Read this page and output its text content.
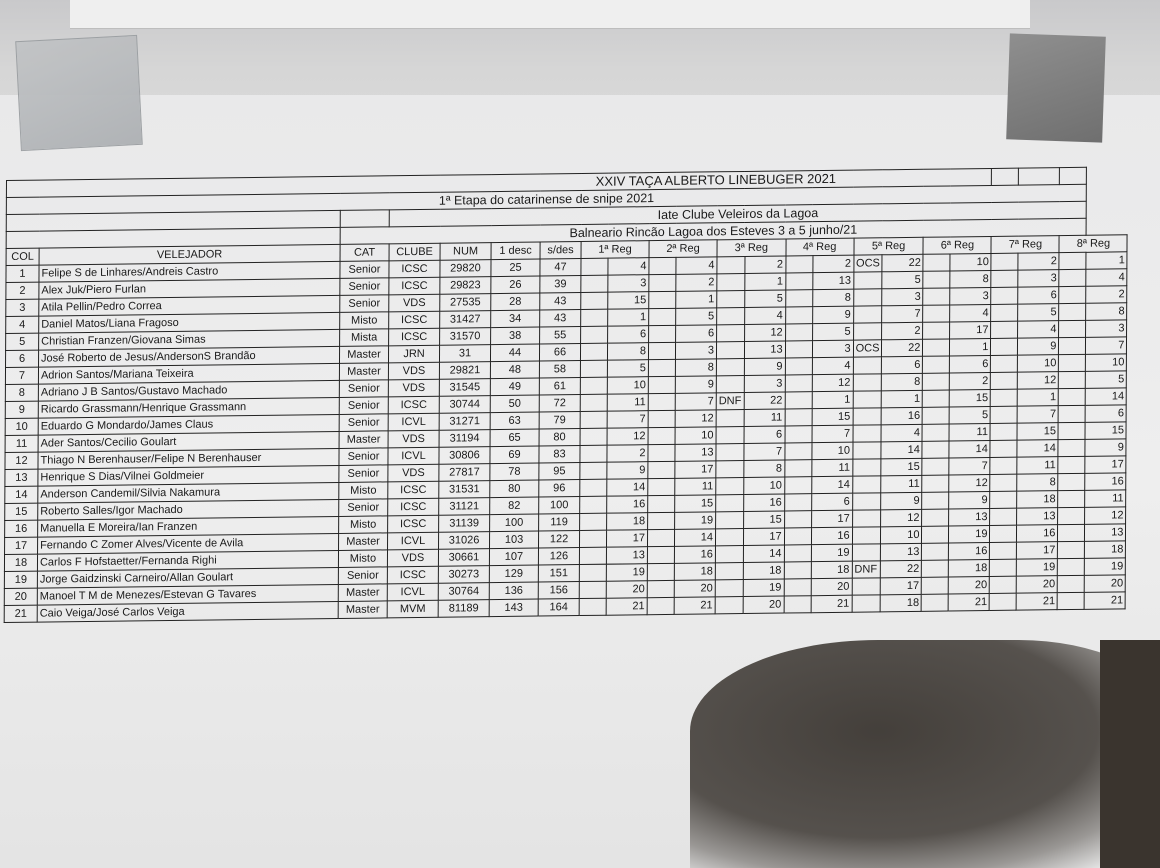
				XXIV TAÇA ALBERTO LINEBUGER 2021																		
1ª Etapa do catarinense de snipe 2021																						
			Iate Clube Veleiros da Lagoa																			
		Balneario Rincão Lagoa dos Esteves 3 a 5 junho/21																				
COL	VELEJADOR	CAT	CLUBE	NUM	1 desc	s/des	1ª Reg		2ª Reg		3ª Reg		4ª Reg		5ª Reg		6ª Reg		7ª Reg		8ª Reg	
1	Felipe S de Linhares/Andreis Castro	Senior	ICSC	29820	25	47		4		4		2		2	OCS	22		10		2		1
2	Alex Juk/Piero Furlan	Senior	ICSC	29823	26	39		3		2		1		13		5		8		3		4
3	Atila Pellin/Pedro Correa	Senior	VDS	27535	28	43		15		1		5		8		3		3		6		2
4	Daniel Matos/Liana Fragoso	Misto	ICSC	31427	34	43		1		5		4		9		7		4		5		8
5	Christian Franzen/Giovana Simas	Mista	ICSC	31570	38	55		6		6		12		5		2		17		4		3
6	José Roberto de Jesus/AndersonS Brandão	Master	JRN	31	44	66		8		3		13		3	OCS	22		1		9		7
7	Adrion Santos/Mariana Teixeira	Master	VDS	29821	48	58		5		8		9		4		6		6		10		10
8	Adriano J B Santos/Gustavo Machado	Senior	VDS	31545	49	61		10		9		3		12		8		2		12		5
9	Ricardo Grassmann/Henrique Grassmann	Senior	ICSC	30744	50	72		11		7	DNF	22		1		1		15		1		14
10	Eduardo G Mondardo/James Claus	Senior	ICVL	31271	63	79		7		12		11		15		16		5		7		6
11	Ader Santos/Cecilio Goulart	Master	VDS	31194	65	80		12		10		6		7		4		11		15		15
12	Thiago N Berenhauser/Felipe N Berenhauser	Senior	ICVL	30806	69	83		2		13		7		10		14		14		14		9
13	Henrique S Dias/Vilnei Goldmeier	Senior	VDS	27817	78	95		9		17		8		11		15		7		11		17
14	Anderson Candemil/Silvia Nakamura	Misto	ICSC	31531	80	96		14		11		10		14		11		12		8		16
15	Roberto Salles/Igor Machado	Senior	ICSC	31121	82	100		16		15		16		6		9		9		18		11
16	Manuella E Moreira/Ian Franzen	Misto	ICSC	31139	100	119		18		19		15		17		12		13		13		12
17	Fernando C Zomer Alves/Vicente de Avila	Master	ICVL	31026	103	122		17		14		17		16		10		19		16		13
18	Carlos F Hofstaetter/Fernanda Righi	Misto	VDS	30661	107	126		13		16		14		19		13		16		17		18
19	Jorge Gaidzinski Carneiro/Allan Goulart	Senior	ICSC	30273	129	151		19		18		18		18	DNF	22		18		19		19
20	Manoel T M de Menezes/Estevan G Tavares	Master	ICVL	30764	136	156		20		20		19		20		17		20		20		20
21	Caio Veiga/José Carlos Veiga	Master	MVM	81189	143	164		21		21		20		21		18		21		21		21
